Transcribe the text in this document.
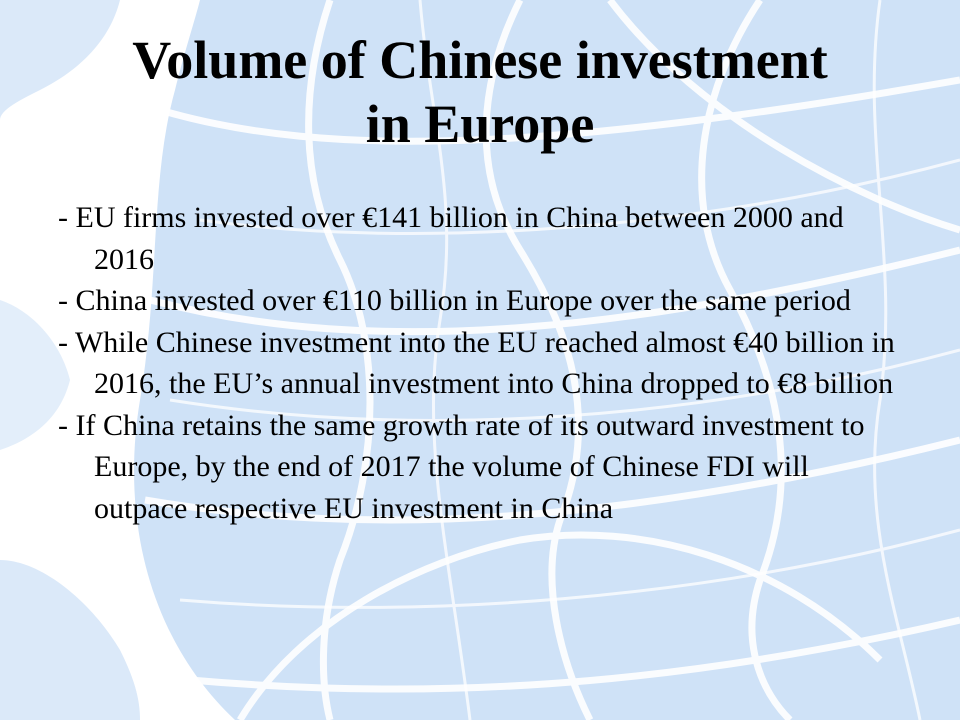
Volume of Chinese investment
in Europe
- EU firms invested over €141 billion in China between 2000 and 2016
- China invested over €110 billion in Europe over the same period
- While Chinese investment into the EU reached almost €40 billion in 2016, the EU’s annual investment into China dropped to €8 billion
- If China retains the same growth rate of its outward investment to Europe, by the end of 2017 the volume of Chinese FDI will outpace respective EU investment in China
